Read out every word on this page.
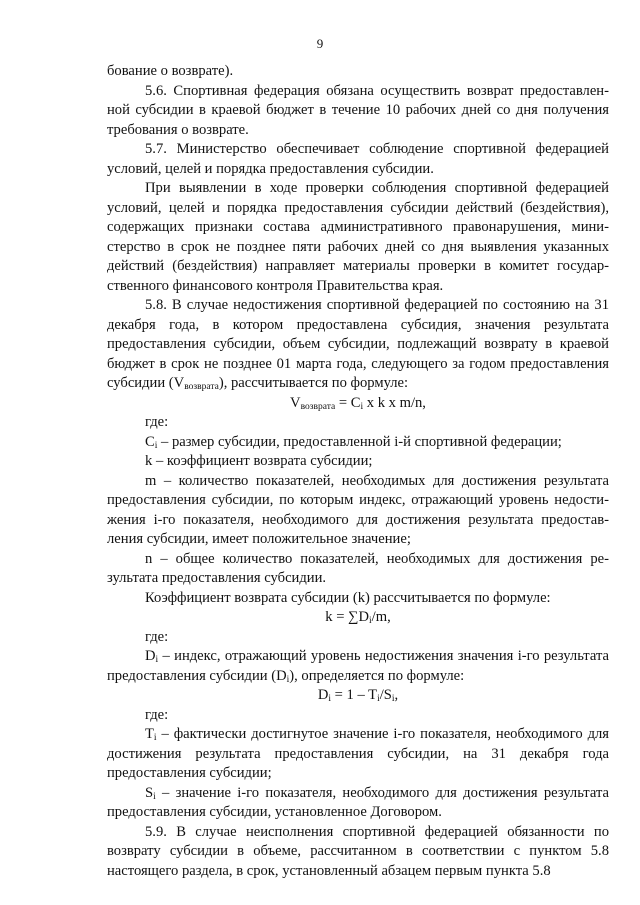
9

бование о возврате).

5.6. Спортивная федерация обязана осуществить возврат предоставленной субсидии в краевой бюджет в течение 10 рабочих дней со дня получения требования о возврате.

5.7. Министерство обеспечивает соблюдение спортивной федерацией условий, целей и порядка предоставления субсидии.

При выявлении в ходе проверки соблюдения спортивной федерацией условий, целей и порядка предоставления субсидии действий (бездействия), содержащих признаки состава административного правонарушения, министерство в срок не позднее пяти рабочих дней со дня выявления указанных действий (бездействия) направляет материалы проверки в комитет государственного финансового контроля Правительства края.

5.8. В случае недостижения спортивной федерацией по состоянию на 31 декабря года, в котором предоставлена субсидия, значения результата предоставления субсидии, объем субсидии, подлежащий возврату в краевой бюджет в срок не позднее 01 марта года, следующего за годом предоставления субсидии $(V_{возврата})$, рассчитывается по формуле:

$V_{возврата} = C_i$ x k x m/n,

где:

$C_i$ – размер субсидии, предоставленной i-й спортивной федерации;

k – коэффициент возврата субсидии;

m – количество показателей, необходимых для достижения результата предоставления субсидии, по которым индекс, отражающий уровень недостижения i-го показателя, необходимого для достижения результата предоставления субсидии, имеет положительное значение;

n – общее количество показателей, необходимых для достижения результата предоставления субсидии.

Коэффициент возврата субсидии (k) рассчитывается по формуле:

$k = \sum D_i/m$,

где:

$D_i$ – индекс, отражающий уровень недостижения значения i-го результата предоставления субсидии $(D_i)$, определяется по формуле:

$D_i = 1 - T_i/S_i$,

где:

$T_i$ – фактически достигнутое значение i-го показателя, необходимого для достижения результата предоставления субсидии, на 31 декабря года предоставления субсидии;

$S_i$ – значение i-го показателя, необходимого для достижения результата предоставления субсидии, установленное Договором.

5.9. В случае неисполнения спортивной федерацией обязанности по возврату субсидии в объеме, рассчитанном в соответствии с пунктом 5.8 настоящего раздела, в срок, установленный абзацем первым пункта 5.8
